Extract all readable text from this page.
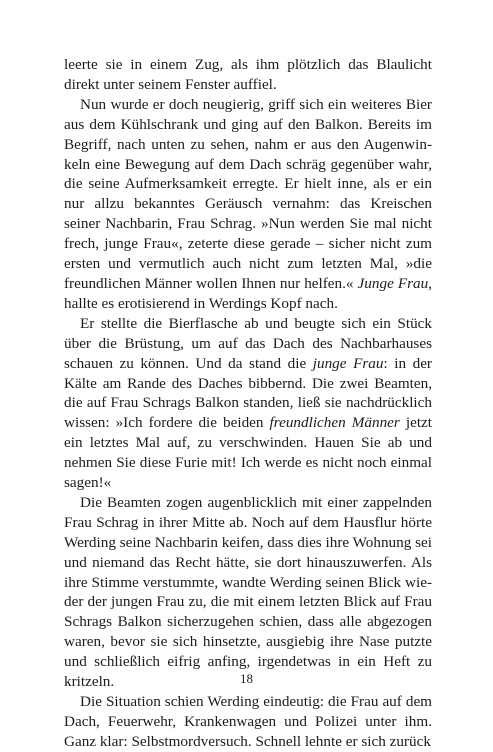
leerte sie in einem Zug, als ihm plötzlich das Blaulicht direkt unter seinem Fenster auffiel.

Nun wurde er doch neugierig, griff sich ein weiteres Bier aus dem Kühlschrank und ging auf den Balkon. Bereits im Begriff, nach unten zu sehen, nahm er aus den Augenwinkeln eine Bewegung auf dem Dach schräg gegenüber wahr, die seine Aufmerksamkeit erregte. Er hielt inne, als er ein nur allzu bekanntes Geräusch vernahm: das Kreischen seiner Nachbarin, Frau Schrag. »Nun werden Sie mal nicht frech, junge Frau«, zeterte diese gerade – sicher nicht zum ersten und vermutlich auch nicht zum letzten Mal, »die freundlichen Männer wollen Ihnen nur helfen.« Junge Frau, hallte es erotisierend in Werdings Kopf nach.

Er stellte die Bierflasche ab und beugte sich ein Stück über die Brüstung, um auf das Dach des Nachbarhauses schauen zu können. Und da stand die junge Frau: in der Kälte am Rande des Daches bibbernd. Die zwei Beamten, die auf Frau Schrags Balkon standen, ließ sie nachdrücklich wissen: »Ich fordere die beiden freundlichen Männer jetzt ein letztes Mal auf, zu verschwinden. Hauen Sie ab und nehmen Sie diese Furie mit! Ich werde es nicht noch einmal sagen!«

Die Beamten zogen augenblicklich mit einer zappelnden Frau Schrag in ihrer Mitte ab. Noch auf dem Hausflur hörte Werding seine Nachbarin keifen, dass dies ihre Wohnung sei und niemand das Recht hätte, sie dort hinauszuwerfen. Als ihre Stimme verstummte, wandte Werding seinen Blick wieder der jungen Frau zu, die mit einem letzten Blick auf Frau Schrags Balkon sicherzugehen schien, dass alle abgezogen waren, bevor sie sich hinsetzte, ausgiebig ihre Nase putzte und schließlich eifrig anfing, irgendetwas in ein Heft zu kritzeln.

Die Situation schien Werding eindeutig: die Frau auf dem Dach, Feuerwehr, Krankenwagen und Polizei unter ihm. Ganz klar: Selbstmordversuch. Schnell lehnte er sich zurück

18
